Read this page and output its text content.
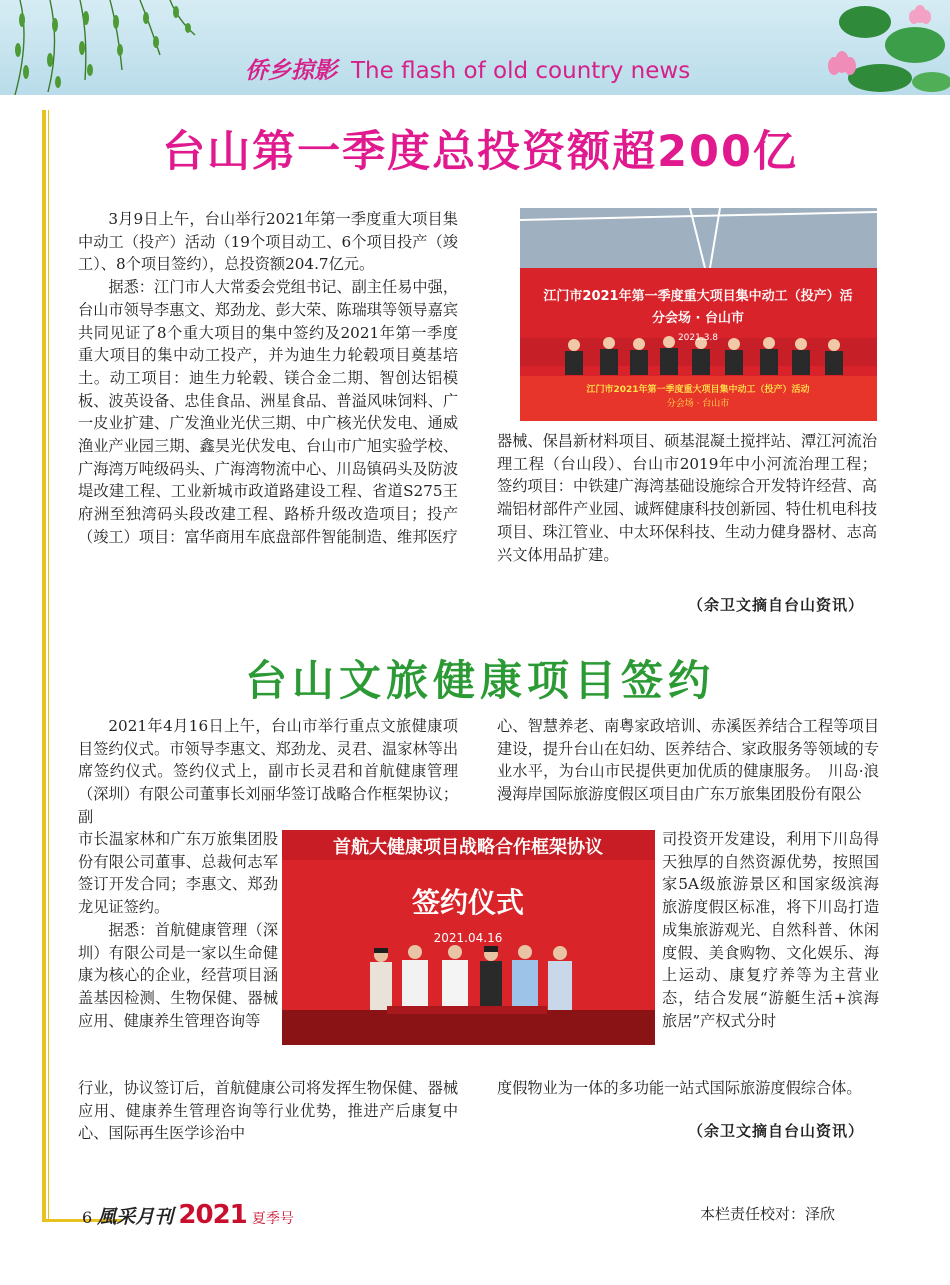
侨乡掠影 The flash of old country news
台山第一季度总投资额超200亿

3月9日上午，台山举行2021年第一季度重大项目集中动工（投产）活动（19个项目动工、6个项目投产（竣工）、8个项目签约），总投资额204.7亿元。

据悉：江门市人大常委会党组书记、副主任易中强，台山市领导李惠文、郑劲龙、彭大荣、陈瑞琪等领导嘉宾共同见证了8个重大项目的集中签约及2021年第一季度重大项目的集中动工投产，并为迪生力轮毂项目奠基培土。动工项目：迪生力轮毂、镁合金二期、智创达铝模板、波英设备、忠佳食品、洲星食品、普溢风味饲料、广一皮业扩建、广发渔业光伏三期、中广核光伏发电、通威渔业产业园三期、鑫昊光伏发电、台山市广旭实验学校、广海湾万吨级码头、广海湾物流中心、川岛镇码头及防波堤改建工程、工业新城市政道路建设工程、省道S275王府洲至独湾码头段改建工程、路桥升级改造项目；投产（竣工）项目：富华商用车底盘部件智能制造、维邦医疗

江门市2021年第一季度重大项目集中动工（投产）活
分会场 · 台山市
2021.3.8
江门市2021年第一季度重大项目集中动工（投产）活动
分会场 · 台山市

器械、保昌新材料项目、硕基混凝土搅拌站、潭江河流治理工程（台山段）、台山市2019年中小河流治理工程；签约项目：中铁建广海湾基础设施综合开发特许经营、高端铝材部件产业园、诚辉健康科技创新园、特仕机电科技项目、珠江管业、中太环保科技、生动力健身器材、志高兴文体用品扩建。

（余卫文摘自台山资讯）
台山文旅健康项目签约

2021年4月16日上午，台山市举行重点文旅健康项目签约仪式。市领导李惠文、郑劲龙、灵君、温家林等出席签约仪式。签约仪式上，副市长灵君和首航健康管理（深圳）有限公司董事长刘丽华签订战略合作框架协议；副

市长温家林和广东万旅集团股份有限公司董事、总裁何志军签订开发合同；李惠文、郑劲龙见证签约。

据悉：首航健康管理（深圳）有限公司是一家以生命健康为核心的企业，经营项目涵盖基因检测、生物保健、器械应用、健康养生管理咨询等

行业，协议签订后，首航健康公司将发挥生物保健、器械应用、健康养生管理咨询等行业优势，推进产后康复中心、国际再生医学诊治中

首航大健康项目战略合作框架协议
签约仪式
2021.04.16

心、智慧养老、南粤家政培训、赤溪医养结合工程等项目建设，提升台山在妇幼、医养结合、家政服务等领域的专业水平，为台山市民提供更加优质的健康服务。　川岛·浪漫海岸国际旅游度假区项目由广东万旅集团股份有限公

司投资开发建设，利用下川岛得天独厚的自然资源优势，按照国家5A级旅游景区和国家级滨海旅游度假区标准，将下川岛打造成集旅游观光、自然科普、休闲度假、美食购物、文化娱乐、海上运动、康复疗养等为主营业态，结合发展“游艇生活+滨海旅居”产权式分时

度假物业为一体的多功能一站式国际旅游度假综合体。

（余卫文摘自台山资讯）
6 風采月刊 2021 夏季号	本栏责任校对：泽欣
